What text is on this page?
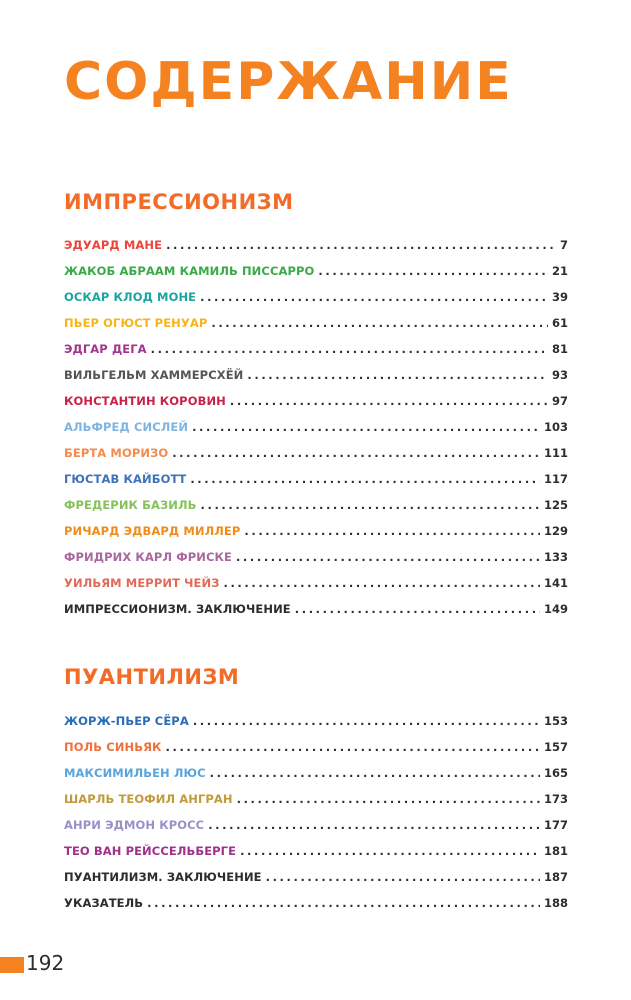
СОДЕРЖАНИЕ
ИМПРЕССИОНИЗМ
ЭДУАРД МАНЕ .....	7
ЖАКОБ АБРААМ КАМИЛЬ ПИССАРРО .....	21
ОСКАР КЛОД МОНЕ .....	39
ПЬЕР ОГЮСТ РЕНУАР .....	61
ЭДГАР ДЕГА .....	81
ВИЛЬГЕЛЬМ ХАММЕРСХЁЙ .....	93
КОНСТАНТИН КОРОВИН .....	97
АЛЬФРЕД СИСЛЕЙ .....	103
БЕРТА МОРИЗО .....	111
ГЮСТАВ КАЙБОТТ .....	117
ФРЕДЕРИК БАЗИЛЬ .....	125
РИЧАРД ЭДВАРД МИЛЛЕР .....	129
ФРИДРИХ КАРЛ ФРИСКЕ .....	133
УИЛЬЯМ МЕРРИТ ЧЕЙЗ .....	141
ИМПРЕССИОНИЗМ. ЗАКЛЮЧЕНИЕ .....	149
ПУАНТИЛИЗМ
ЖОРЖ-ПЬЕР СЁРА .....	153
ПОЛЬ СИНЬЯК .....	157
МАКСИМИЛЬЕН ЛЮС .....	165
ШАРЛЬ ТЕОФИЛ АНГРАН .....	173
АНРИ ЭДМОН КРОСС .....	177
ТЕО ВАН РЕЙССЕЛЬБЕРГЕ .....	181
ПУАНТИЛИЗМ. ЗАКЛЮЧЕНИЕ .....	187
УКАЗАТЕЛЬ .....	188
192
